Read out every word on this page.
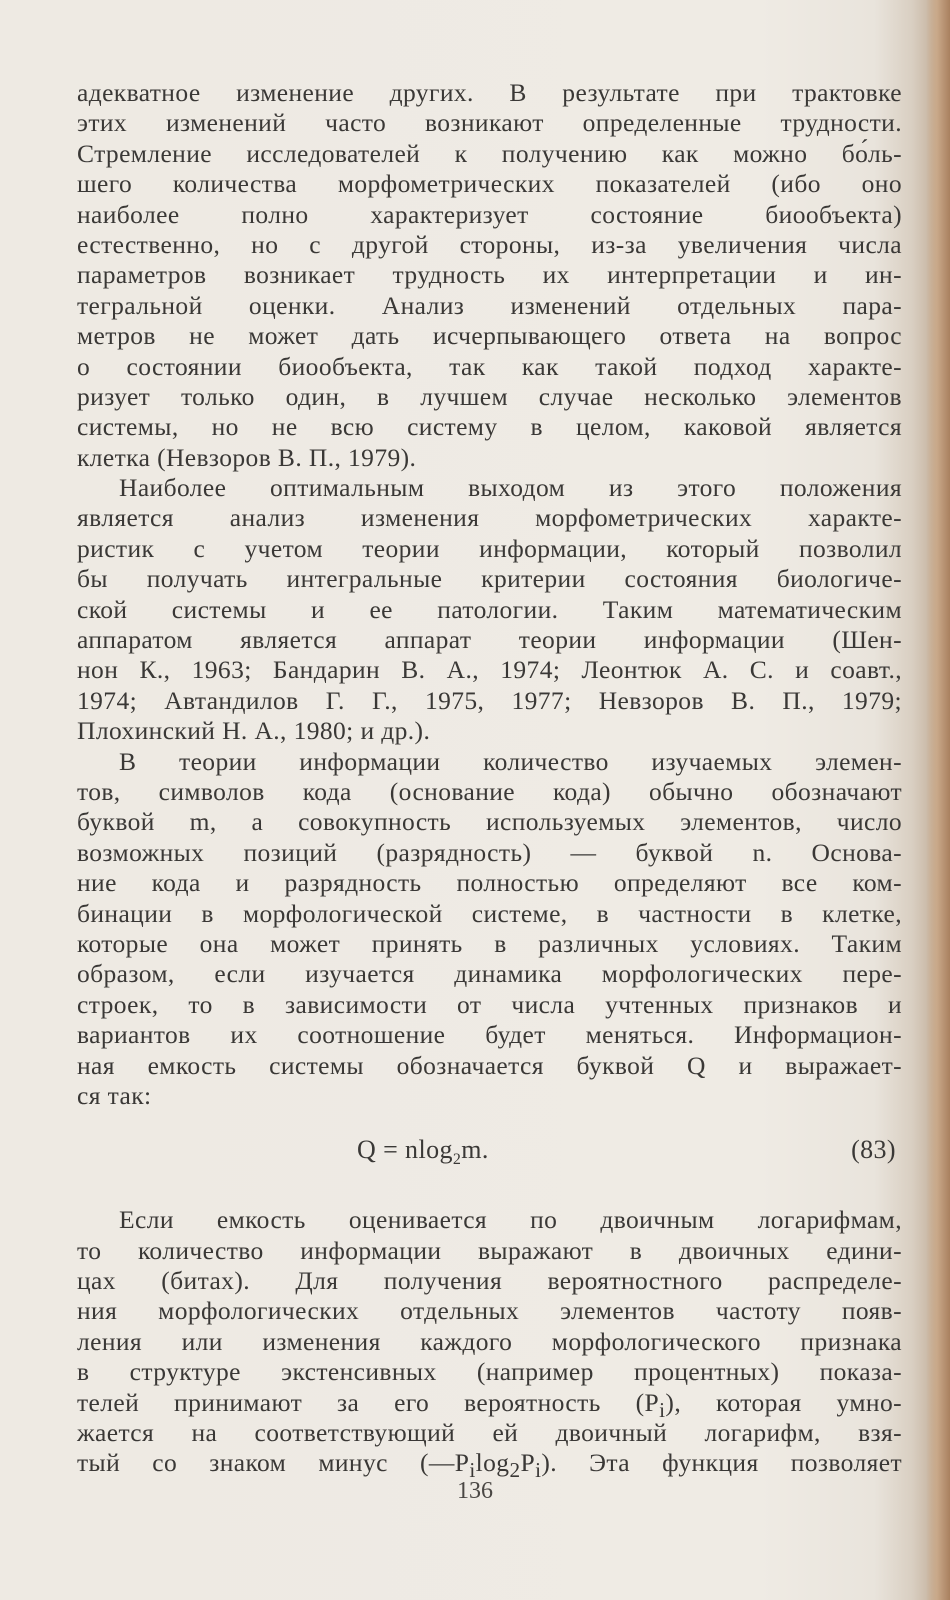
адекватное изменение других. В результате при трактовке
этих изменений часто возникают определенные трудности.
Стремление исследователей к получению как можно бо́ль-
шего количества морфометрических показателей (ибо оно
наиболее полно характеризует состояние биообъекта)
естественно, но с другой стороны, из-за увеличения числа
параметров возникает трудность их интерпретации и ин-
тегральной оценки. Анализ изменений отдельных пара-
метров не может дать исчерпывающего ответа на вопрос
о состоянии биообъекта, так как такой подход характе-
ризует только один, в лучшем случае несколько элементов
системы, но не всю систему в целом, каковой является
клетка (Невзоров В. П., 1979).
Наиболее оптимальным выходом из этого положения
является анализ изменения морфометрических характе-
ристик с учетом теории информации, который позволил
бы получать интегральные критерии состояния биологиче-
ской системы и ее патологии. Таким математическим
аппаратом является аппарат теории информации (Шен-
нон К., 1963; Бандарин В. А., 1974; Леонтюк А. С. и соавт.,
1974; Автандилов Г. Г., 1975, 1977; Невзоров В. П., 1979;
Плохинский Н. А., 1980; и др.).
В теории информации количество изучаемых элемен-
тов, символов кода (основание кода) обычно обозначают
буквой m, а совокупность используемых элементов, число
возможных позиций (разрядность) — буквой n. Основа-
ние кода и разрядность полностью определяют все ком-
бинации в морфологической системе, в частности в клетке,
которые она может принять в различных условиях. Таким
образом, если изучается динамика морфологических пере-
строек, то в зависимости от числа учтенных признаков и
вариантов их соотношение будет меняться. Информацион-
ная емкость системы обозначается буквой Q и выражает-
ся так:
Q = nlog$_2$m.	(83)
Если емкость оценивается по двоичным логарифмам,
то количество информации выражают в двоичных едини-
цах (битах). Для получения вероятностного распределе-
ния морфологических отдельных элементов частоту появ-
ления или изменения каждого морфологического признака
в структуре экстенсивных (например процентных) показа-
телей принимают за его вероятность $(P_i)$, которая умно-
жается на соответствующий ей двоичный логарифм, взя-
тый со знаком минус $(—P_i\log_2P_i)$. Эта функция позволяет
136
